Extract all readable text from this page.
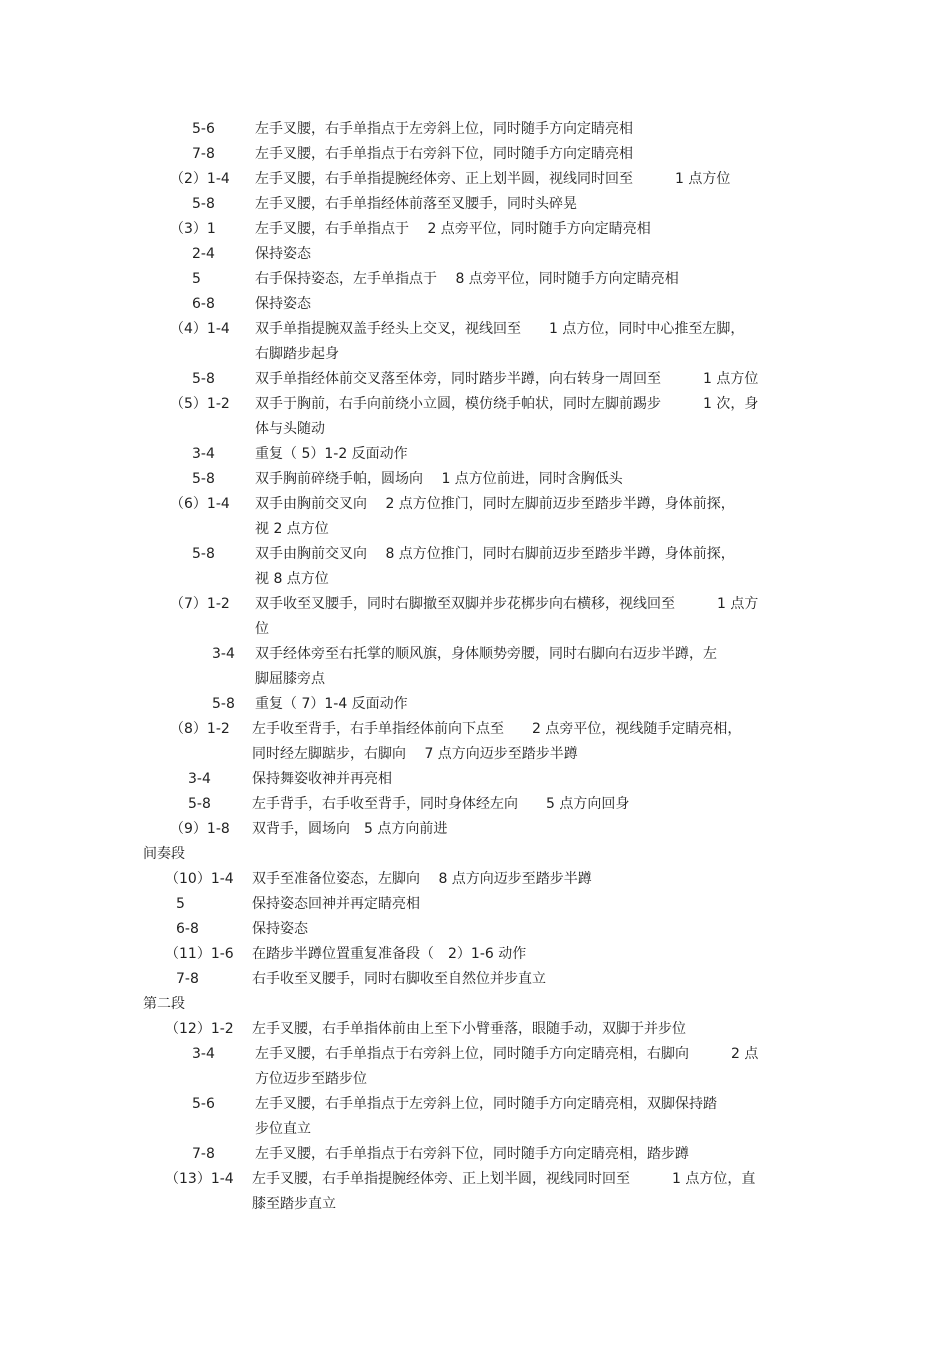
5-6	左手叉腰，右手单指点于左旁斜上位，同时随手方向定睛亮相

7-8	左手叉腰，右手单指点于右旁斜下位，同时随手方向定睛亮相

（2）1-4 左手叉腰，右手单指提腕经体旁、正上划半圆，视线同时回至　　　1 点方位

5-8	左手叉腰，右手单指经体前落至叉腰手，同时头碎晃

（3）1	左手叉腰，右手单指点于　 2 点旁平位，同时随手方向定睛亮相

2-4	保持姿态

5	右手保持姿态，左手单指点于　 8 点旁平位，同时随手方向定睛亮相

6-8	保持姿态

（4）1-4 双手单指提腕双盖手经头上交叉，视线回至　　1 点方位，同时中心推至左脚，

右脚踏步起身

5-8	双手单指经体前交叉落至体旁，同时踏步半蹲，向右转身一周回至　　　1 点方位

（5）1-2 双手于胸前，右手向前绕小立圆，模仿绕手帕状，同时左脚前踢步　　　1 次，身

体与头随动

3-4	重复（ 5）1-2 反面动作

5-8	双手胸前碎绕手帕，圆场向　 1 点方位前进，同时含胸低头

（6）1-4 双手由胸前交叉向　 2 点方位推门，同时左脚前迈步至踏步半蹲，身体前探，

视 2 点方位

5-8	双手由胸前交叉向　 8 点方位推门，同时右脚前迈步至踏步半蹲，身体前探，

视 8 点方位

（7）1-2 双手收至叉腰手，同时右脚撤至双脚并步花梆步向右横移，视线回至　　　1 点方

位

3-4 双手经体旁至右托掌的顺风旗，身体顺势旁腰，同时右脚向右迈步半蹲，左

脚屈膝旁点

5-8 重复（ 7）1-4 反面动作

（8）1-2 左手收至背手，右手单指经体前向下点至　　2 点旁平位，视线随手定睛亮相，

同时经左脚踮步，右脚向　 7 点方向迈步至踏步半蹲

3-4	保持舞姿收神并再亮相

5-8	左手背手，右手收至背手，同时身体经左向　　5 点方向回身

（9）1-8 双背手，圆场向　5 点方向前进

间奏段

（10）1-4 双手至准备位姿态，左脚向　 8 点方向迈步至踏步半蹲

5	保持姿态回神并再定睛亮相

6-8	保持姿态

（11）1-6 在踏步半蹲位置重复准备段（　2）1-6 动作

7-8	右手收至叉腰手，同时右脚收至自然位并步直立

第二段

（12）1-2 左手叉腰，右手单指体前由上至下小臂垂落，眼随手动，双脚于并步位

3-4	左手叉腰，右手单指点于右旁斜上位，同时随手方向定睛亮相，右脚向　　　2 点

方位迈步至踏步位

5-6	左手叉腰，右手单指点于左旁斜上位，同时随手方向定睛亮相，双脚保持踏

步位直立

7-8	左手叉腰，右手单指点于右旁斜下位，同时随手方向定睛亮相，踏步蹲

（13）1-4 左手叉腰，右手单指提腕经体旁、正上划半圆，视线同时回至　　　1 点方位，直

膝至踏步直立
